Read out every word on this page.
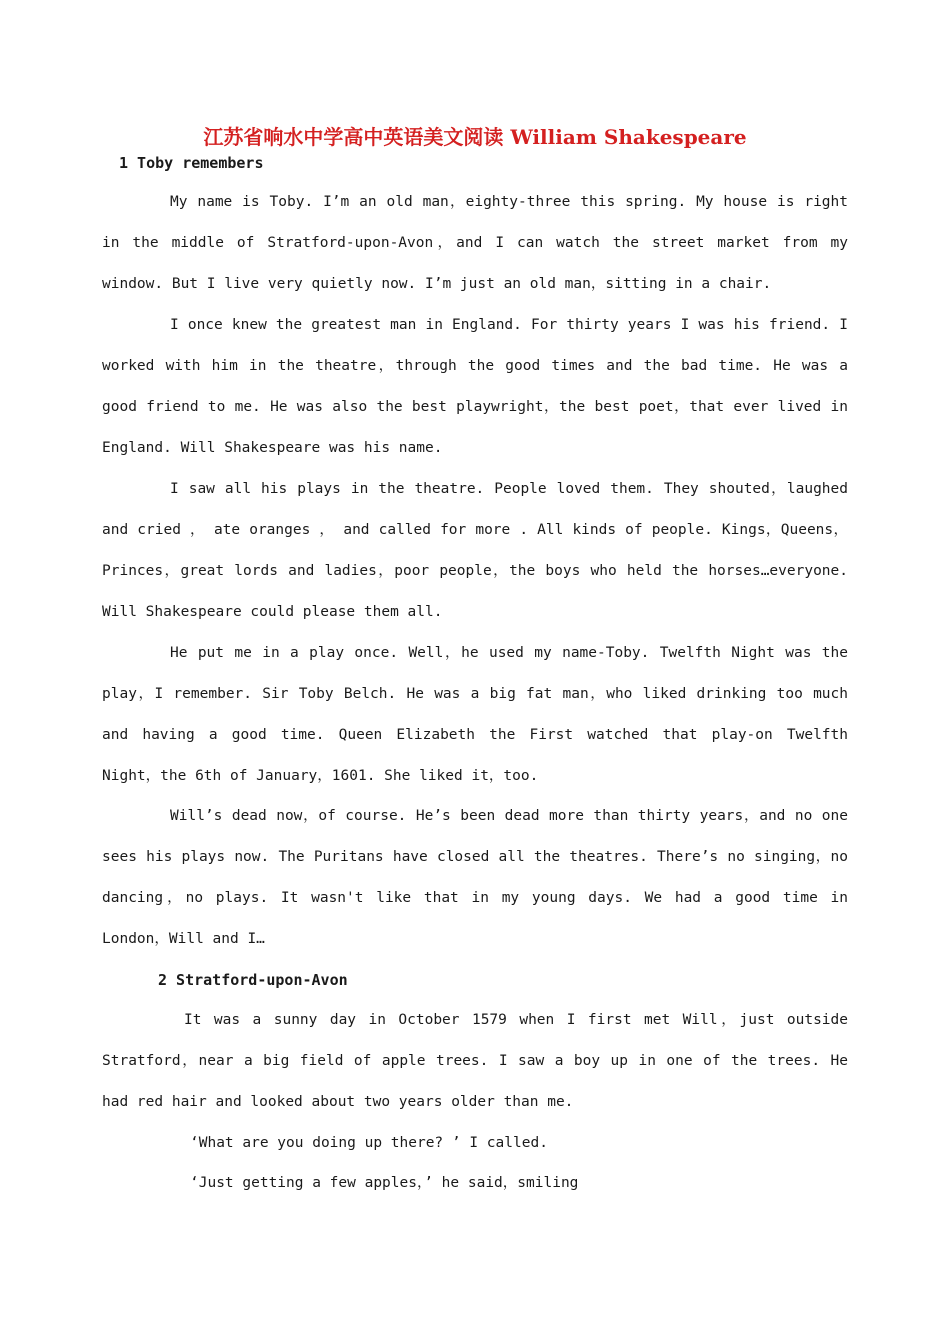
江苏省响水中学高中英语美文阅读 William Shakespeare
1 Toby remembers

My name is Toby. I’m an old man，eighty-three this spring. My house is right in the middle of Stratford-upon-Avon，and I can watch the street market from my window. But I live very quietly now. I’m just an old man，sitting in a chair.

I once knew the greatest man in England. For thirty years I was his friend. I worked with him in the theatre，through the good times and the bad time. He was a good friend to me. He was also the best playwright，the best poet，that ever lived in England. Will Shakespeare was his name.

I saw all his plays in the theatre. People loved them. They shouted，laughed and cried ， ate oranges ， and called for more . All kinds of people. Kings，Queens，Princes，great lords and ladies，poor people，the boys who held the horses…everyone. Will Shakespeare could please them all.

He put me in a play once. Well，he used my name-Toby. Twelfth Night was the play，I remember. Sir Toby Belch. He was a big fat man，who liked drinking too much and having a good time. Queen Elizabeth the First watched that play-on Twelfth Night，the 6th of January，1601. She liked it，too.

Will’s dead now，of course. He’s been dead more than thirty years，and no one sees his plays now. The Puritans have closed all the theatres. There’s no singing，no dancing，no plays. It wasn't like that in my young days. We had a good time in London，Will and I…

2 Stratford-upon-Avon

It was a sunny day in October 1579 when I first met Will，just outside Stratford，near a big field of apple trees. I saw a boy up in one of the trees. He had red hair and looked about two years older than me.

‘What are you doing up there? ’ I called.
‘Just getting a few apples，’ he said，smiling
